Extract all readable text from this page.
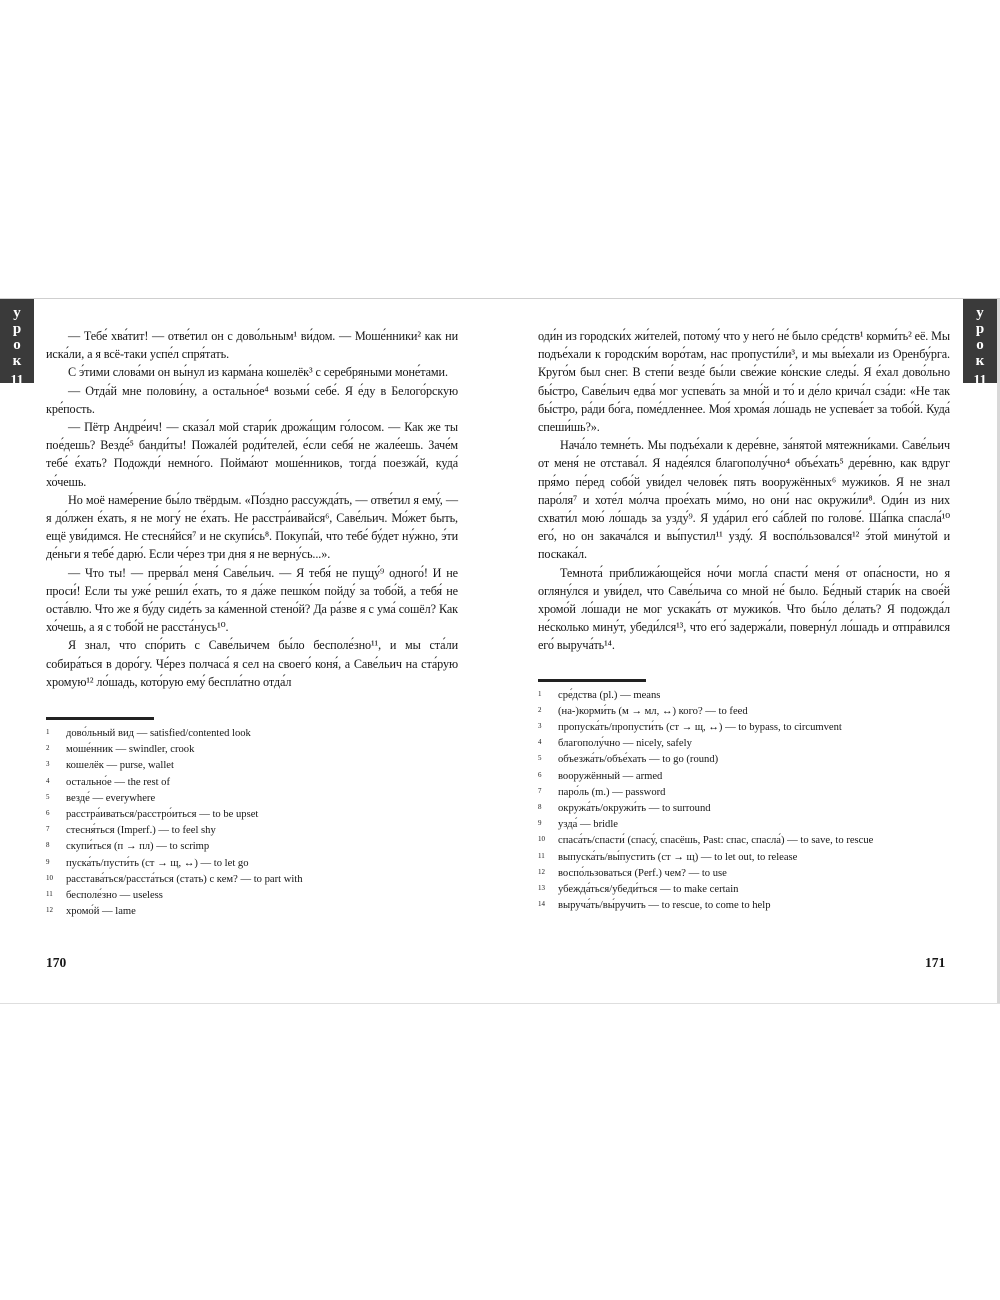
у
р
о
к
11
у
р
о
к
11

— Тебе́ хва́тит! — отве́тил он с дово́льным¹ ви́дом. — Моше́нники² как ни иска́ли, а я всё-таки успе́л спря́тать.

С э́тими слова́ми он вы́нул из карма́на кошелёк³ с серебряными моне́тами.

— Отда́й мне полови́ну, а остально́е⁴ возьми́ себе́. Я е́ду в Белого́рскую кре́пость.

— Пётр Андре́ич! — сказа́л мой стари́к дрожа́щим го́лосом. — Как же ты пое́дешь? Везде́⁵ банди́ты! Пожале́й роди́телей, е́сли себя́ не жале́ешь. Заче́м тебе́ е́хать? Подожди́ немно́го. Пойма́ют моше́нников, тогда́ поезжа́й, куда́ хо́чешь.

Но моё наме́рение бы́ло твёрдым. «По́здно рассужда́ть, — отве́тил я ему́, — я до́лжен е́хать, я не могу́ не е́хать. Не расстра́ивайся⁶, Саве́льич. Мо́жет быть, ещё уви́димся. Не стесня́йся⁷ и не скупи́сь⁸. Покупа́й, что тебе́ бу́дет ну́жно, э́ти де́ньги я тебе́ дарю́. Если че́рез три дня я не верну́сь...».

— Что ты! — прерва́л меня́ Саве́льич. — Я тебя́ не пущу́⁹ одного́! И не проси́! Если ты уже́ реши́л е́хать, то я да́же пешко́м пойду́ за тобо́й, а тебя́ не оста́влю. Что же я бу́ду сиде́ть за ка́менной стено́й? Да ра́зве я с ума́ сошёл? Как хо́чешь, а я с тобо́й не расста́нусь¹⁰.

Я знал, что спо́рить с Саве́льичем бы́ло бесполе́зно¹¹, и мы ста́ли собира́ться в доро́гу. Че́рез полчаса́ я сел на своего́ коня́, а Саве́льич на ста́рую хромую¹² ло́шадь, кото́рую ему́ беспла́тно отда́л

1	дово́льный вид — satisfied/contented look
2	моше́нник — swindler, crook
3	кошелёк — purse, wallet
4	остально́е — the rest of
5	везде́ — everywhere
6	расстра́иваться/расстро́иться — to be upset
7	стесня́ться (Imperf.) — to feel shy
8	скупи́ться (п → пл) — to scrimp
9	пуска́ть/пусти́ть (ст → щ, ↔) — to let go
10	расстава́ться/расста́ться (стать) с кем? — to part with
11	бесполе́зно — useless
12	хромо́й — lame
170

оди́н из городски́х жи́телей, потому́ что у него́ не́ было сре́дств¹ корми́ть² её. Мы подъе́хали к городски́м воро́там, нас пропусти́ли³, и мы вы́ехали из Оренбу́рга. Круго́м был снег. В степи́ везде́ бы́ли све́жие ко́нские следы́. Я е́хал дово́льно бы́стро, Саве́льич едва́ мог успева́ть за мно́й и то́ и де́ло крича́л сза́ди: «Не так бы́стро, ра́ди бо́га, поме́дленнее. Моя́ хрома́я ло́шадь не успева́ет за тобо́й. Куда́ спеши́шь?».

Нача́ло темне́ть. Мы подъе́хали к дере́вне, за́нятой мятежни́ками. Саве́льич от меня́ не отстава́л. Я наде́ялся благополу́чно⁴ объе́хать⁵ дере́вню, как вдруг пря́мо пе́ред собо́й уви́дел челове́к пять вооружённых⁶ мужико́в. Я не знал паро́ля⁷ и хоте́л мо́лча прое́хать ми́мо, но они́ нас окружи́ли⁸. Оди́н из них схвати́л мою́ ло́шадь за узду́⁹. Я уда́рил его́ са́блей по голове́. Ша́пка спасла́¹⁰ его́, но он закача́лся и вы́пустил¹¹ узду́. Я воспо́льзовался¹² э́той мину́той и поскака́л.

Темнота́ приближа́ющейся но́чи могла́ спасти́ меня́ от опа́сности, но я огляну́лся и уви́дел, что Саве́льича со мной не́ было. Бе́дный стари́к на свое́й хромо́й ло́шади не мог ускака́ть от мужико́в. Что бы́ло де́лать? Я подожда́л не́сколько мину́т, убеди́лся¹³, что его́ задержа́ли, поверну́л ло́шадь и отпра́вился его́ выруча́ть¹⁴.

1	сре́дства (pl.) — means
2	(на-)корми́ть (м → мл, ↔) кого? — to feed
3	пропуска́ть/пропусти́ть (ст → щ, ↔) — to bypass, to circumvent
4	благополу́чно — nicely, safely
5	объезжа́ть/объе́хать — to go (round)
6	вооружённый — armed
7	паро́ль (m.) — password
8	окружа́ть/окружи́ть — to surround
9	узда́ — bridle
10	спаса́ть/спасти́ (спасу́, спасёшь, Past: спас, спасла́) — to save, to rescue
11	выпуска́ть/вы́пустить (ст → щ) — to let out, to release
12	воспо́льзоваться (Perf.) чем? — to use
13	убежда́ться/убеди́ться — to make certain
14	выруча́ть/вы́ручить — to rescue, to come to help
171
